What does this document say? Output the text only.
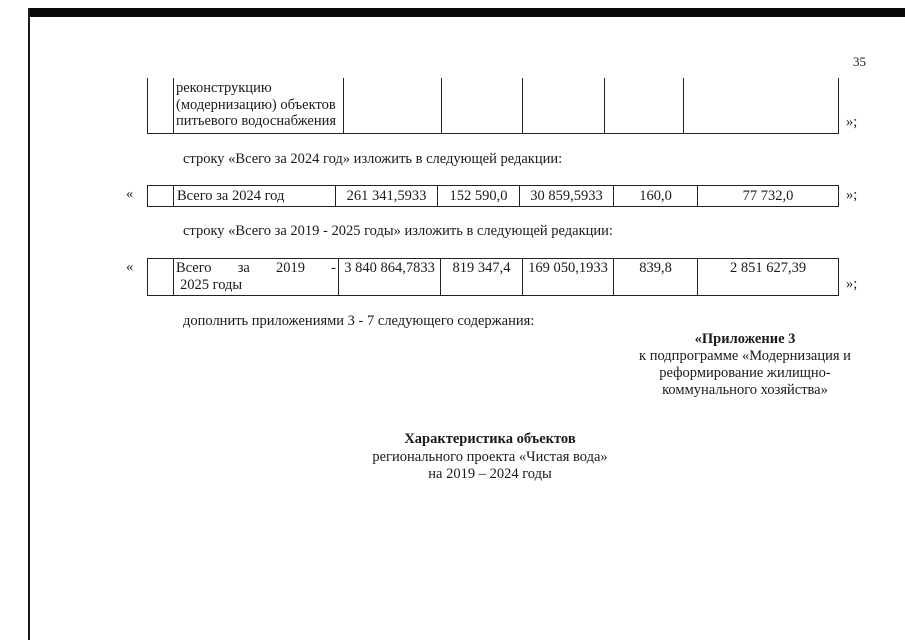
35

реконструкцию
(модернизацию) объектов
питьевого водоснабжения
						»;
строку «Всего за 2024 год» изложить в следующей редакции:
«
		Всего за 2024 год	261 341,5933	152 590,0	30 859,5933	160,0	77 732,0	»;
строку «Всего за 2019 - 2025 годы» изложить в следующей редакции:
«
		Всего за 2019 -
2025 годы
	3 840 864,7833	819 347,4	169 050,1933	839,8	2 851 627,39
»;
дополнить приложениями 3 - 7 следующего содержания:
«Приложение 3
к подпрограмме «Модернизация и
реформирование жилищно-
коммунального хозяйства»
Характеристика объектов
регионального проекта «Чистая вода»
на 2019 – 2024 годы
